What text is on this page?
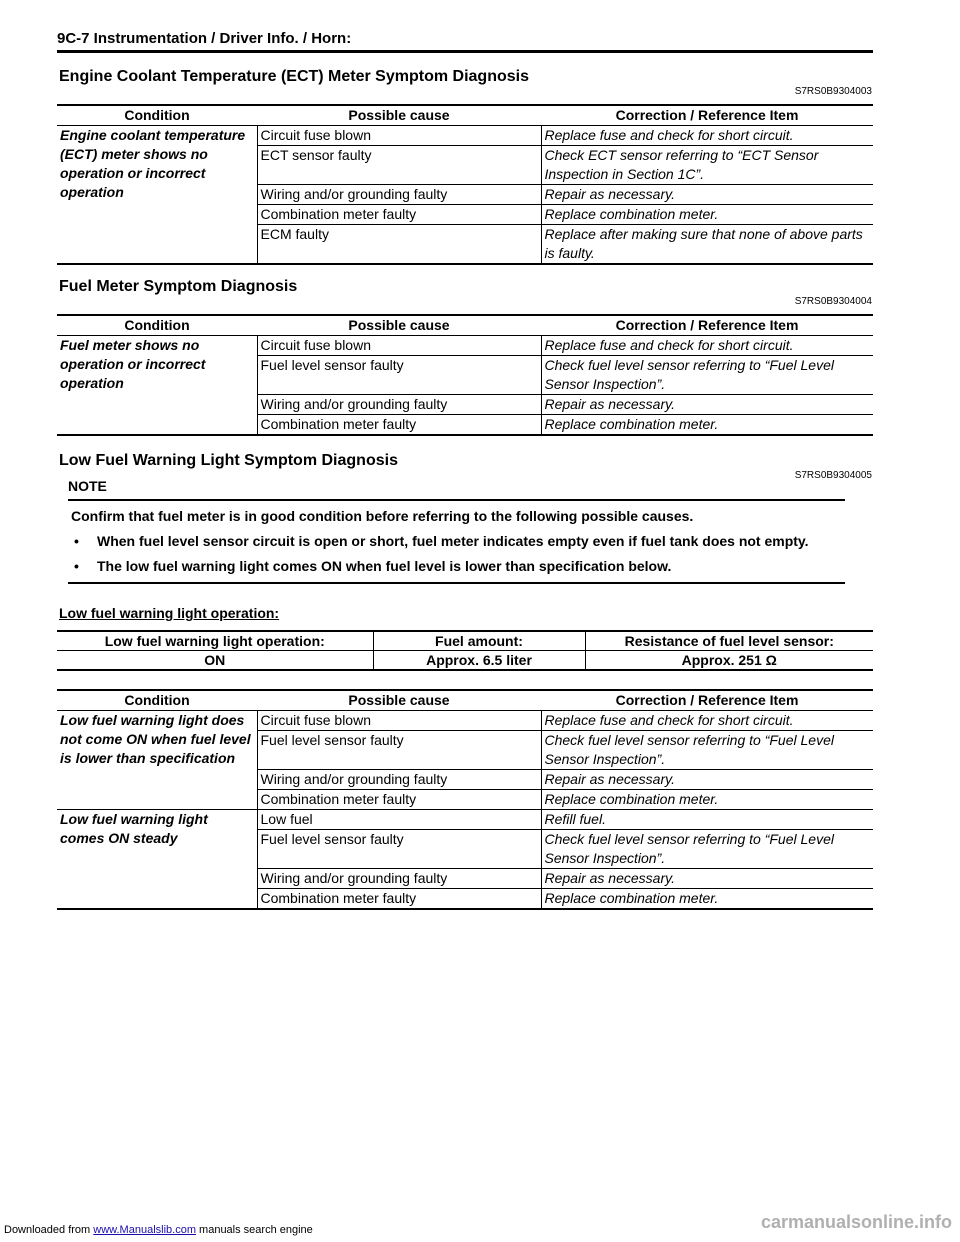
9C-7 Instrumentation / Driver Info. / Horn:
Engine Coolant Temperature (ECT) Meter Symptom Diagnosis
S7RS0B9304003
Condition	Possible cause	Correction / Reference Item
Engine coolant temperature (ECT) meter shows no operation or incorrect operation	Circuit fuse blown	Replace fuse and check for short circuit.
	ECT sensor faulty	Check ECT sensor referring to “ECT Sensor Inspection in Section 1C”.
	Wiring and/or grounding faulty	Repair as necessary.
	Combination meter faulty	Replace combination meter.
	ECM faulty	Replace after making sure that none of above parts is faulty.
Fuel Meter Symptom Diagnosis
S7RS0B9304004
Condition	Possible cause	Correction / Reference Item
Fuel meter shows no operation or incorrect operation	Circuit fuse blown	Replace fuse and check for short circuit.
	Fuel level sensor faulty	Check fuel level sensor referring to “Fuel Level Sensor Inspection”.
	Wiring and/or grounding faulty	Repair as necessary.
	Combination meter faulty	Replace combination meter.
Low Fuel Warning Light Symptom Diagnosis
S7RS0B9304005
NOTE

Confirm that fuel meter is in good condition before referring to the following possible causes.

•	When fuel level sensor circuit is open or short, fuel meter indicates empty even if fuel tank does not empty.
•	The low fuel warning light comes ON when fuel level is lower than specification below.
Low fuel warning light operation:
Low fuel warning light operation:	Fuel amount:	Resistance of fuel level sensor:
ON	Approx. 6.5 liter	Approx. 251 Ω
Condition	Possible cause	Correction / Reference Item
Low fuel warning light does not come ON when fuel level is lower than specification	Circuit fuse blown	Replace fuse and check for short circuit.
	Fuel level sensor faulty	Check fuel level sensor referring to “Fuel Level Sensor Inspection”.
	Wiring and/or grounding faulty	Repair as necessary.
	Combination meter faulty	Replace combination meter.
Low fuel warning light comes ON steady	Low fuel	Refill fuel.
	Fuel level sensor faulty	Check fuel level sensor referring to “Fuel Level Sensor Inspection”.
	Wiring and/or grounding faulty	Repair as necessary.
	Combination meter faulty	Replace combination meter.
Downloaded from www.Manualslib.com manuals search engine	carmanualsonline.info
